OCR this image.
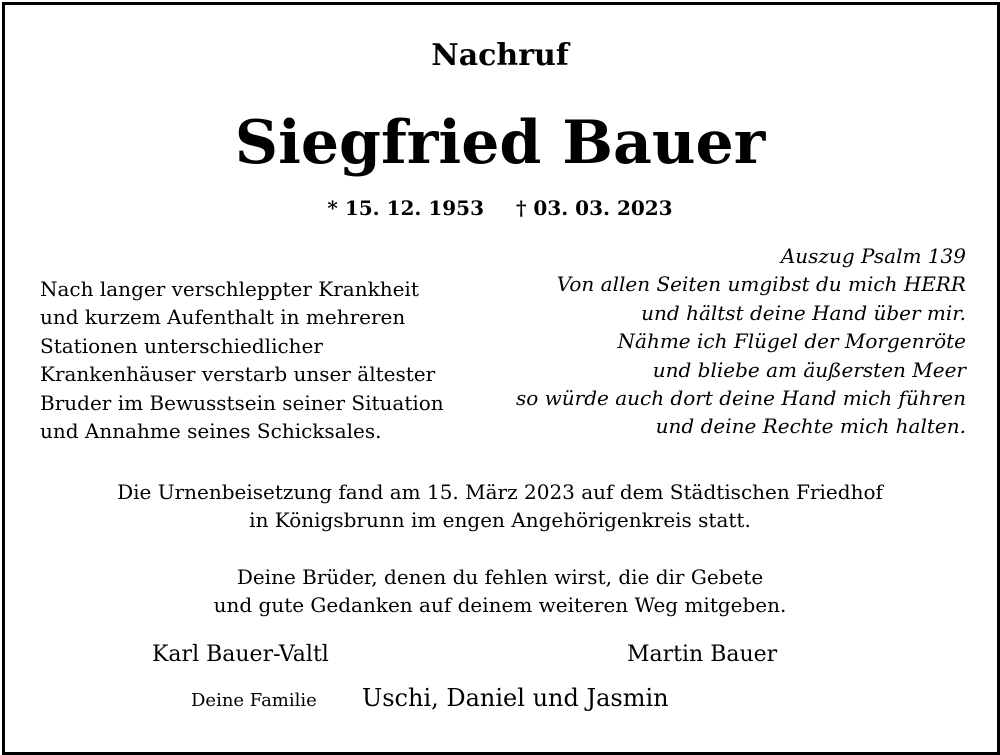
Nachruf
Siegfried Bauer
* 15. 12. 1953 † 03. 03. 2023
Nach langer verschleppter Krankheit
und kurzem Aufenthalt in mehreren
Stationen unterschiedlicher
Krankenhäuser verstarb unser ältester
Bruder im Bewusstsein seiner Situation
und Annahme seines Schicksales.
Auszug Psalm 139
Von allen Seiten umgibst du mich HERR
und hältst deine Hand über mir.
Nähme ich Flügel der Morgenröte
und bliebe am äußersten Meer
so würde auch dort deine Hand mich führen
und deine Rechte mich halten.
Die Urnenbeisetzung fand am 15. März 2023 auf dem Städtischen Friedhof
in Königsbrunn im engen Angehörigenkreis statt.
Deine Brüder, denen du fehlen wirst, die dir Gebete
und gute Gedanken auf deinem weiteren Weg mitgeben.
Karl Bauer-Valtl	Martin Bauer
Deine Familie Uschi, Daniel und Jasmin
